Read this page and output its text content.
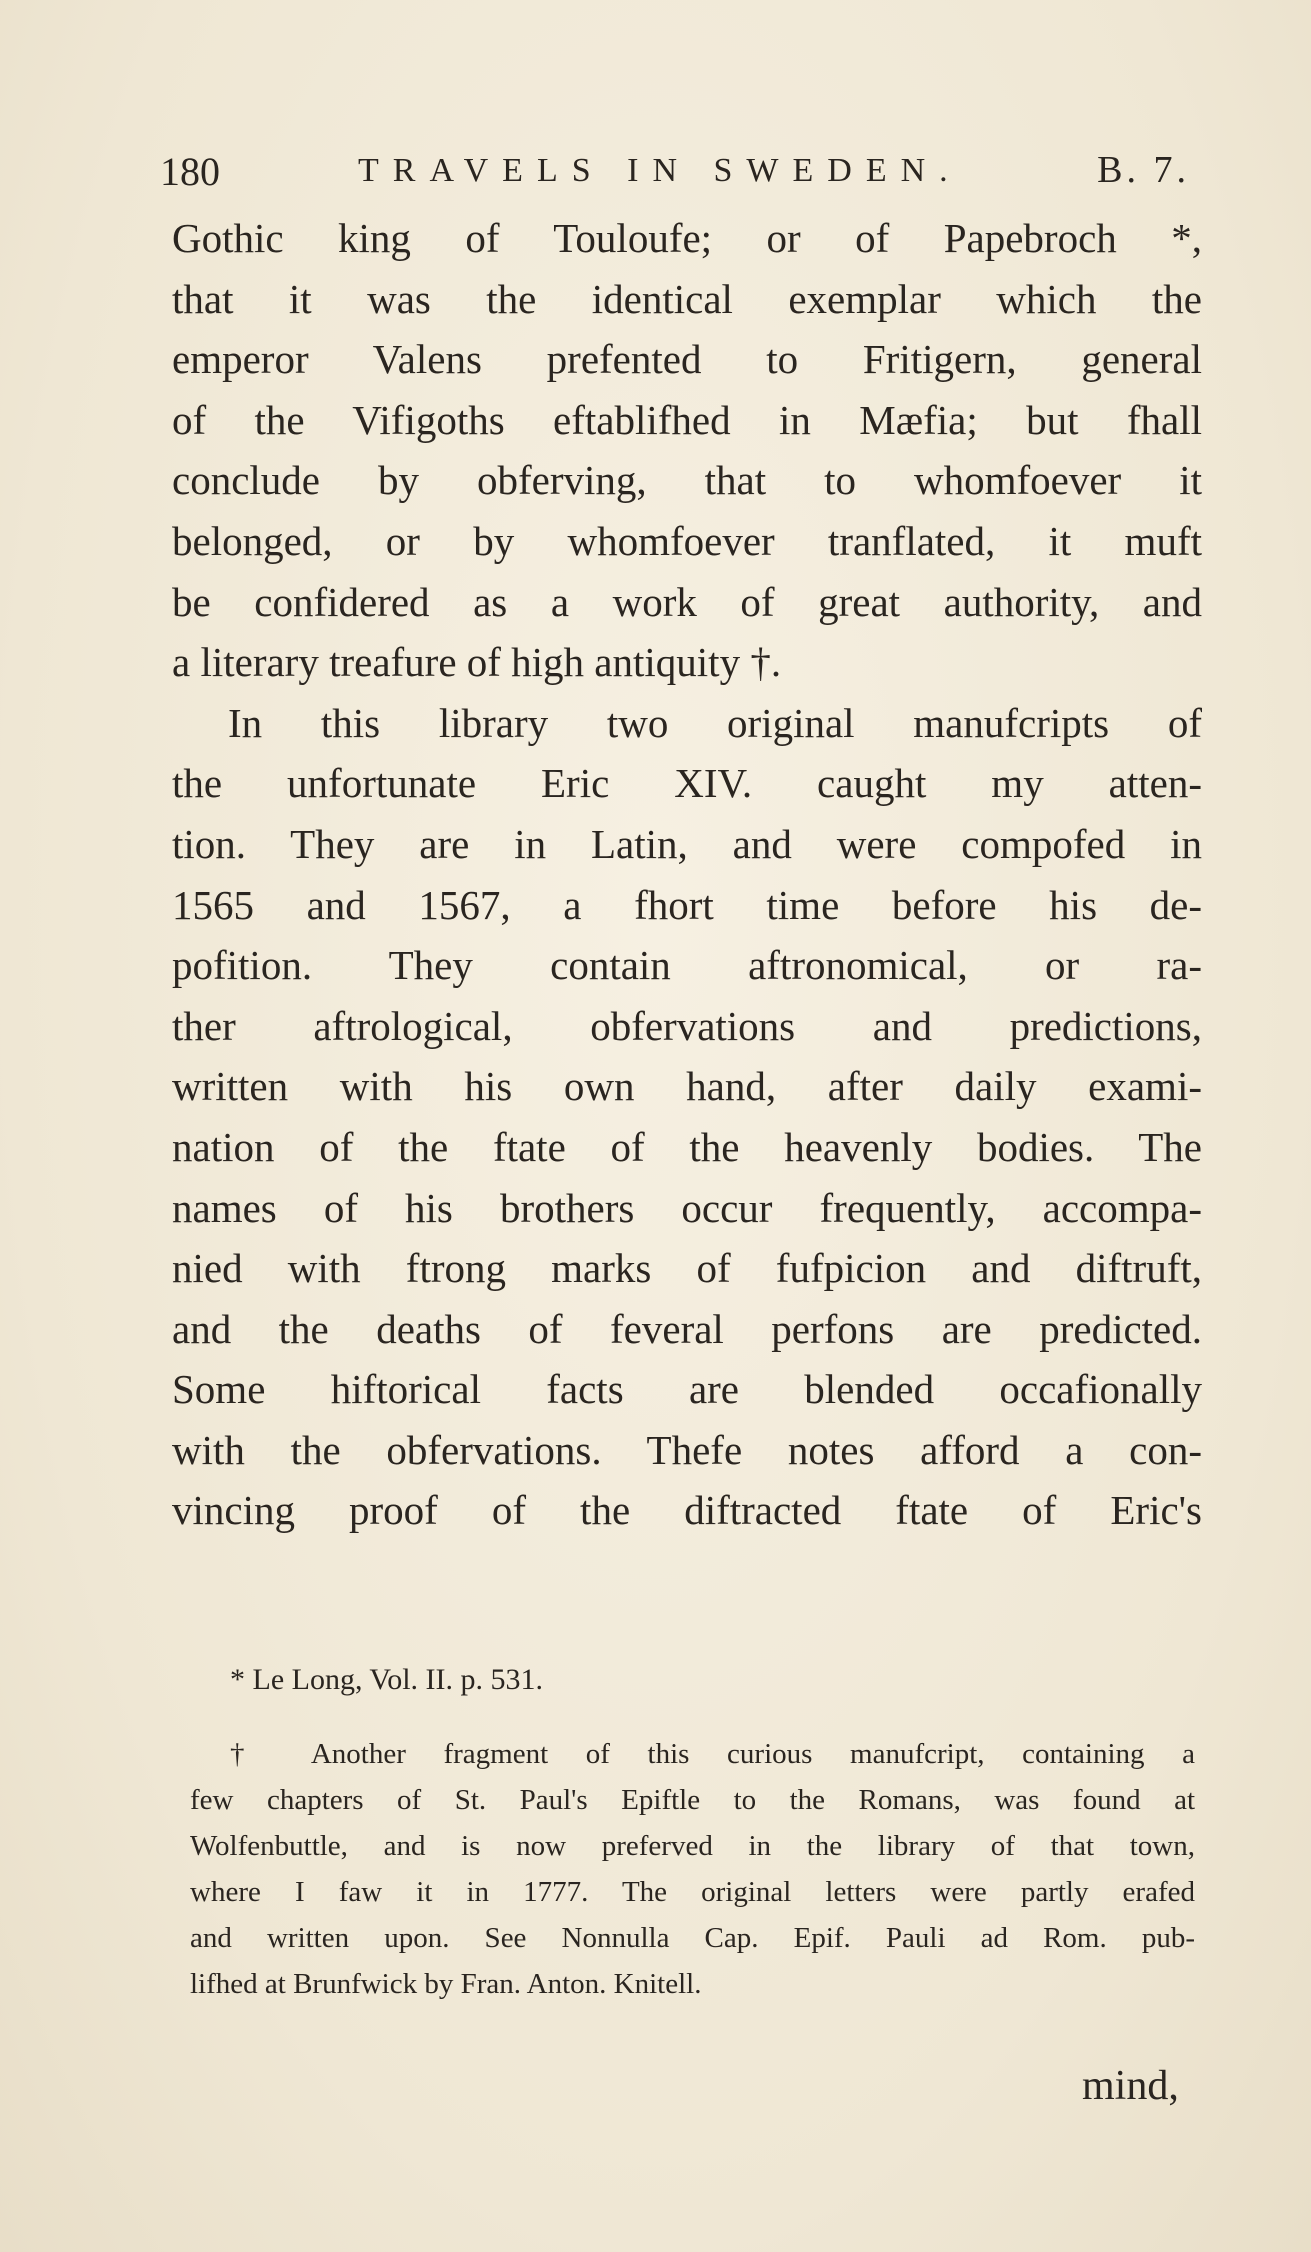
180	TRAVELS IN SWEDEN.	B. 7.
Gothic king of Touloufe; or of Papebroch *,
that it was the identical exemplar which the
emperor Valens prefented to Fritigern, general
of the Vifigoths eftablifhed in Mæfia; but fhall
conclude by obferving, that to whomfoever it
belonged, or by whomfoever tranflated, it muft
be confidered as a work of great authority, and
a literary treafure of high antiquity †.
In this library two original manufcripts of
the unfortunate Eric XIV. caught my atten-
tion. They are in Latin, and were compofed in
1565 and 1567, a fhort time before his de-
pofition. They contain aftronomical, or ra-
ther aftrological, obfervations and predictions,
written with his own hand, after daily exami-
nation of the ftate of the heavenly bodies. The
names of his brothers occur frequently, accompa-
nied with ftrong marks of fufpicion and diftruft,
and the deaths of feveral perfons are predicted.
Some hiftorical facts are blended occafionally
with the obfervations. Thefe notes afford a con-
vincing proof of the diftracted ftate of Eric's
* Le Long, Vol. II. p. 531.
† Another fragment of this curious manufcript, containing a
few chapters of St. Paul's Epiftle to the Romans, was found at
Wolfenbuttle, and is now preferved in the library of that town,
where I faw it in 1777. The original letters were partly erafed
and written upon. See Nonnulla Cap. Epif. Pauli ad Rom. pub-
lifhed at Brunfwick by Fran. Anton. Knitell.
mind,
